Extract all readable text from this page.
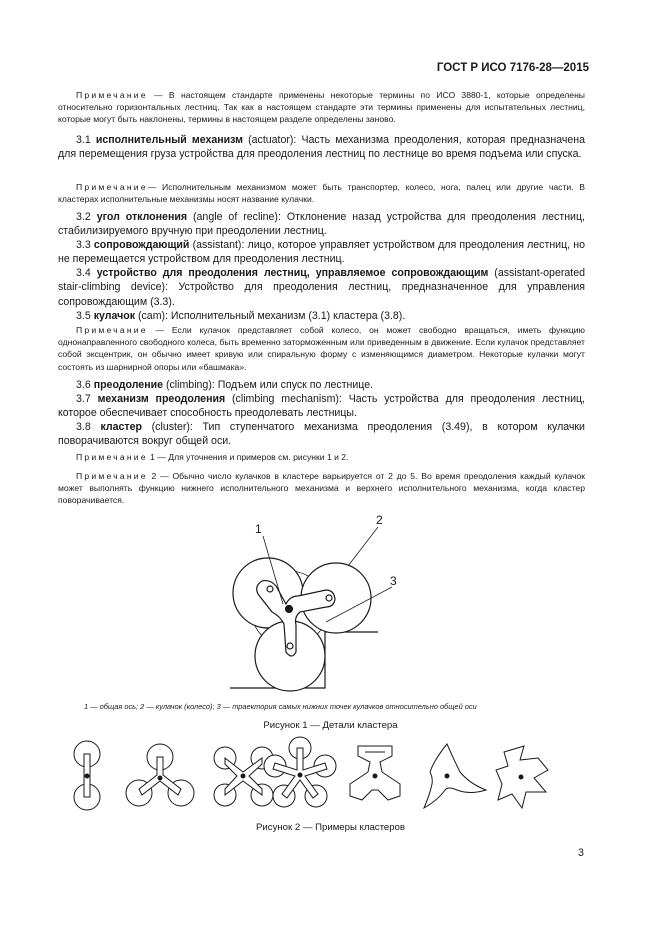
ГОСТ Р ИСО 7176-28—2015

Примечание — В настоящем стандарте применены некоторые термины по ИСО 3880-1, которые определены относительно горизонтальных лестниц. Так как в настоящем стандарте эти термины применены для испытательных лестниц, которые могут быть наклонены, термины в настоящем разделе определены заново.

3.1 исполнительный механизм (actuator): Часть механизма преодоления, которая предназначена для перемещения груза устройства для преодоления лестниц по лестнице во время подъема или спуска.

Примечание— Исполнительным механизмом может быть транспортер, колесо, нога, палец или другие части. В кластерах исполнительные механизмы носят название кулачки.

3.2 угол отклонения (angle of recline): Отклонение назад устройства для преодоления лестниц, стабилизируемого вручную при преодолении лестниц.

3.3 сопровождающий (assistant): лицо, которое управляет устройством для преодоления лестниц, но не перемещается устройством для преодоления лестниц.

3.4 устройство для преодоления лестниц, управляемое сопровождающим (assistant-operated stair-climbing device): Устройство для преодоления лестниц, предназначенное для управления сопровождающим (3.3).

3.5 кулачок (cam): Исполнительный механизм (3.1) кластера (3.8).

Примечание — Если кулачок представляет собой колесо, он может свободно вращаться, иметь функцию однонаправленного свободного колеса, быть временно заторможенным или приведенным в движение. Если кулачок представляет собой эксцентрик, он обычно имеет кривую или спиральную форму с изменяющимся диаметром. Некоторые кулачки могут состоять из шарнирной опоры или «башмака».

3.6 преодоление (climbing): Подъем или спуск по лестнице.

3.7 механизм преодоления (climbing mechanism): Часть устройства для преодоления лестниц, которое обеспечивает способность преодолевать лестницы.

3.8 кластер (cluster): Тип ступенчатого механизма преодоления (3.49), в котором кулачки поворачиваются вокруг общей оси.

Примечание 1 — Для уточнения и примеров см. рисунки 1 и 2.

Примечание 2 — Обычно число кулачков в кластере варьируется от 2 до 5. Во время преодоления каждый кулачок может выполнять функцию нижнего исполнительного механизма и верхнего исполнительного механизма, когда кластер поворачивается.

1
2
3
1 — общая ось; 2 — кулачок (колесо); 3 — траектория самых нижних точек кулачков относительно общей оси
Рисунок 1 — Детали кластера
Рисунок 2 — Примеры кластеров
3
